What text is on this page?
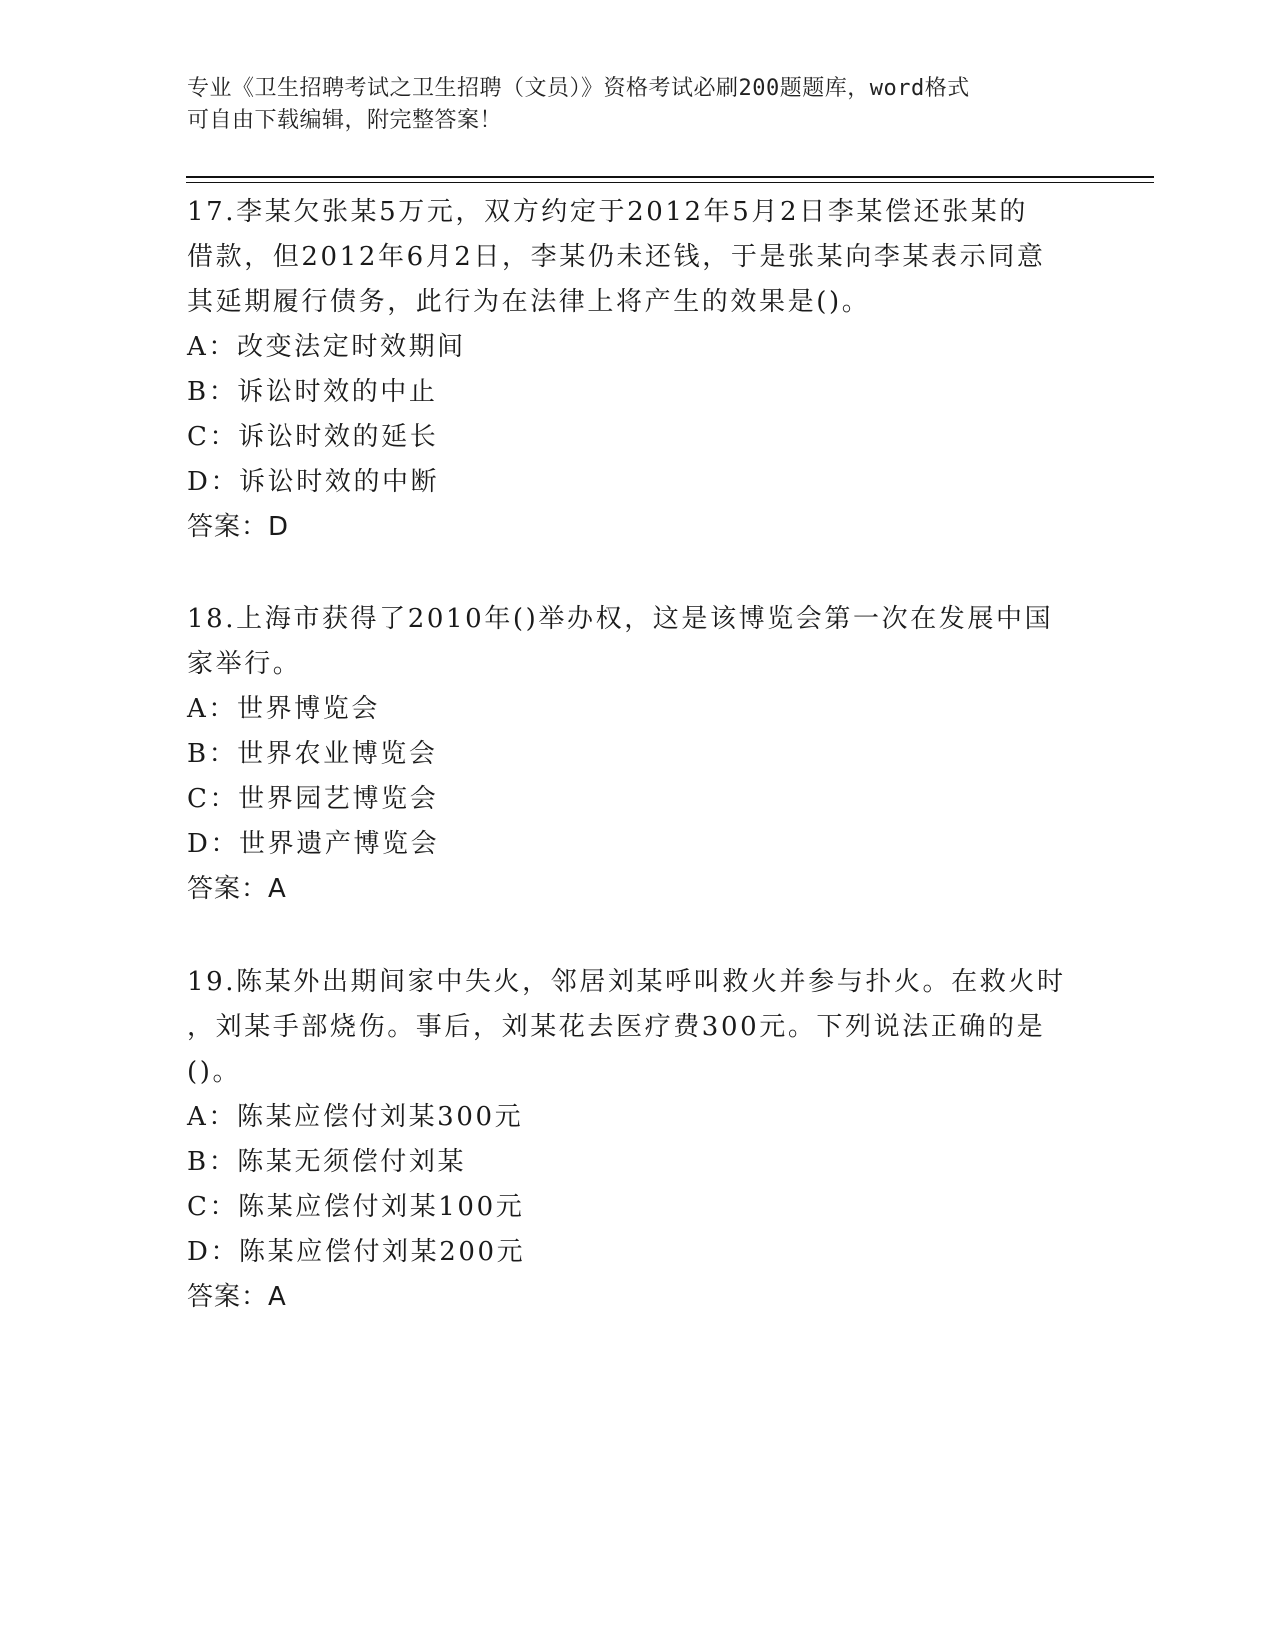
专业《卫生招聘考试之卫生招聘（文员）》资格考试必刷200题题库，word格式
可自由下载编辑，附完整答案！
17.李某欠张某5万元，双方约定于2012年5月2日李某偿还张某的
借款，但2012年6月2日，李某仍未还钱，于是张某向李某表示同意
其延期履行债务，此行为在法律上将产生的效果是()。
A：改变法定时效期间
B：诉讼时效的中止
C：诉讼时效的延长
D：诉讼时效的中断
答案：D
18.上海市获得了2010年()举办权，这是该博览会第一次在发展中国
家举行。
A：世界博览会
B：世界农业博览会
C：世界园艺博览会
D：世界遗产博览会
答案：A
19.陈某外出期间家中失火，邻居刘某呼叫救火并参与扑火。在救火时
，刘某手部烧伤。事后，刘某花去医疗费300元。下列说法正确的是
()。
A：陈某应偿付刘某300元
B：陈某无须偿付刘某
C：陈某应偿付刘某100元
D：陈某应偿付刘某200元
答案：A
